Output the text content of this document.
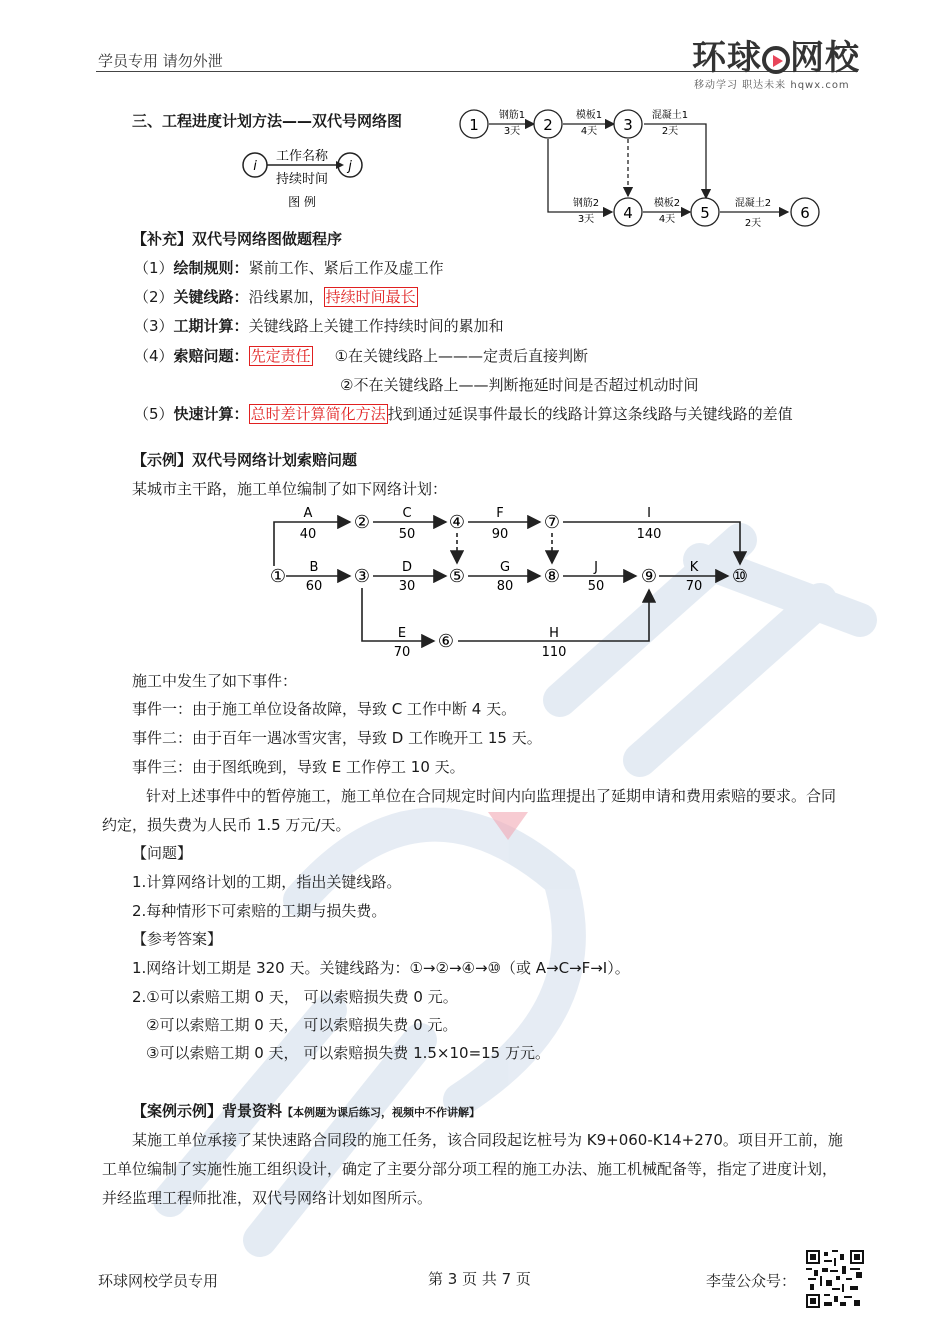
学员专用 请勿外泄	环球 网校
移动学习 职达未来 hqwx.com
三、工程进度计划方法——双代号网络图
i	j
工作名称
持续时间
图 例
1	2	3
4	5	6
钢筋1
3天
模板1
4天
混凝土1
2天
钢筋2
3天
模板2
4天
混凝土2
2天
【补充】双代号网络图做题程序
（1）绘制规则：紧前工作、紧后工作及虚工作
（2）关键线路：沿线累加， 持续时间最长
（3）工期计算：关键线路上关键工作持续时间的累加和
（4）索赔问题： 先定责任 ①在关键线路上———定责后直接判断
②不在关键线路上——判断拖延时间是否超过机动时间
（5）快速计算： 总时差计算简化方法 找到通过延误事件最长的线路计算这条线路与关键线路的差值
【示例】双代号网络计划索赔问题
某城市主干路，施工单位编制了如下网络计划：
①
②
③
④
⑤
⑥
⑦
⑧	⑨	⑩
A
40
B
60
C
50
D
30
E
70
F
90
G
80
H
110
I
140
J
50
K
70
施工中发生了如下事件：
事件一：由于施工单位设备故障，导致 C 工作中断 4 天。
事件二：由于百年一遇冰雪灾害，导致 D 工作晚开工 15 天。
事件三：由于图纸晚到，导致 E 工作停工 10 天。
针对上述事件中的暂停施工，施工单位在合同规定时间内向监理提出了延期申请和费用索赔的要求。合同
约定，损失费为人民币 1.5 万元/天。
【问题】
1.计算网络计划的工期，指出关键线路。
2.每种情形下可索赔的工期与损失费。
【参考答案】
1.网络计划工期是 320 天。关键线路为：①→②→④→⑩（或 A→C→F→I）。
2.①可以索赔工期 0 天， 可以索赔损失费 0 元。
②可以索赔工期 0 天， 可以索赔损失费 0 元。
③可以索赔工期 0 天， 可以索赔损失费 1.5×10=15 万元。
【案例示例】背景资料【本例题为课后练习，视频中不作讲解】
某施工单位承接了某快速路合同段的施工任务，该合同段起讫桩号为 K9+060-K14+270。项目开工前，施
工单位编制了实施性施工组织设计，确定了主要分部分项工程的施工办法、施工机械配备等，指定了进度计划，
并经监理工程师批准，双代号网络计划如图所示。
环球网校学员专用	第 3 页 共 7 页	李莹公众号：
